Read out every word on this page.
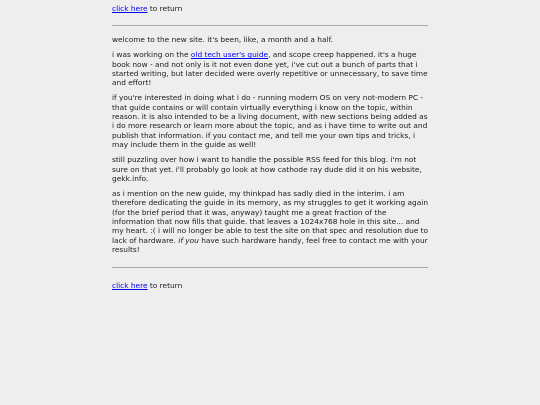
click here to return

welcome to the new site. it's been, like, a month and a half.

i was working on the old tech user's guide, and scope creep happened. it's a huge book now - and not only is it not even done yet, i've cut out a bunch of parts that i started writing, but later decided were overly repetitive or unnecessary, to save time and effort!

if you're interested in doing what i do - running modern OS on very not-modern PC - that guide contains or will contain virtually everything i know on the topic, within reason. it is also intended to be a living document, with new sections being added as i do more research or learn more about the topic, and as i have time to write out and publish that information. if you contact me, and tell me your own tips and tricks, i may include them in the guide as well!

still puzzling over how i want to handle the possible RSS feed for this blog. i'm not sure on that yet. i'll probably go look at how cathode ray dude did it on his website, gekk.info.

as i mention on the new guide, my thinkpad has sadly died in the interim. i am therefore dedicating the guide in its memory, as my struggles to get it working again (for the brief period that it was, anyway) taught me a great fraction of the information that now fills that guide. that leaves a 1024x768 hole in this site... and my heart. :( i will no longer be able to test the site on that spec and resolution due to lack of hardware. if you have such hardware handy, feel free to contact me with your results!

click here to return
